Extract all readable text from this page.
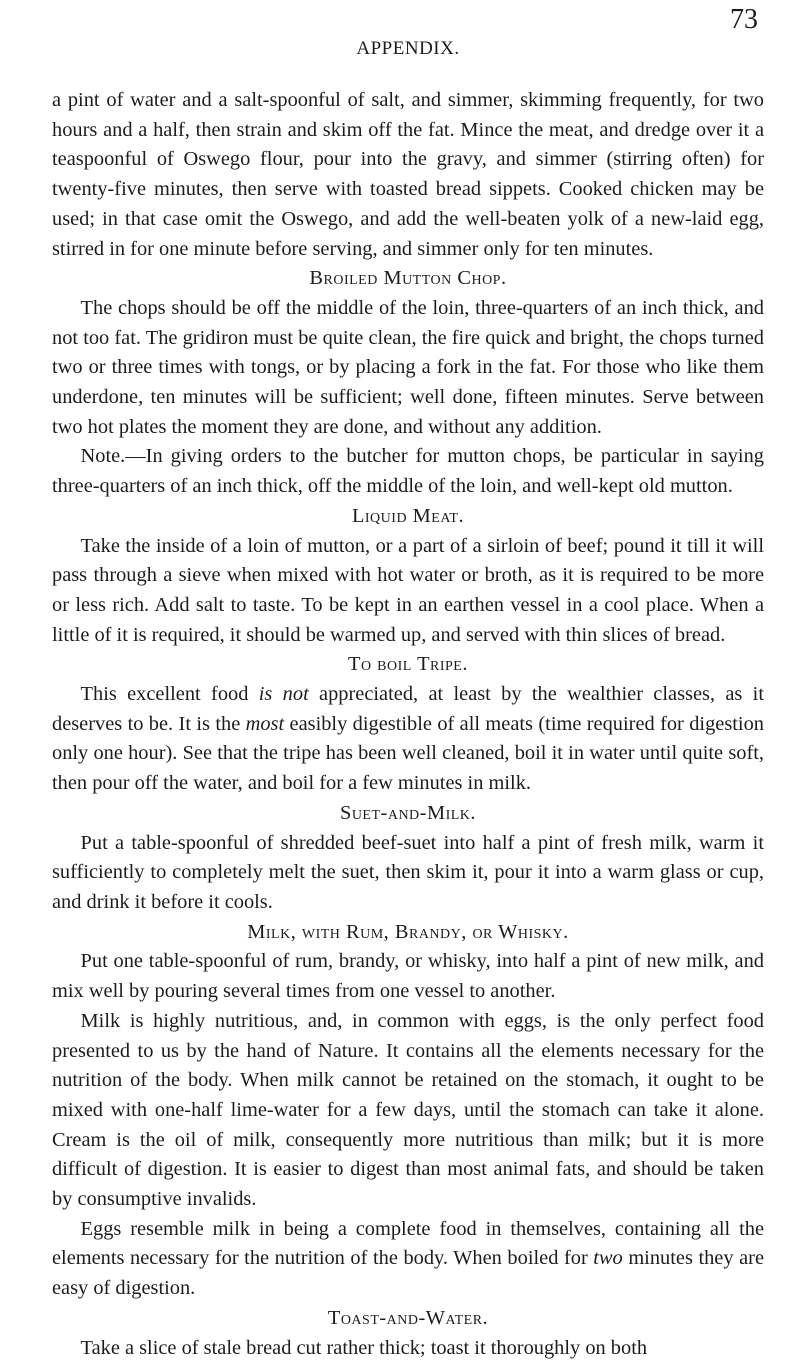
APPENDIX.
73

a pint of water and a salt-spoonful of salt, and simmer, skimming frequently, for two hours and a half, then strain and skim off the fat. Mince the meat, and dredge over it a teaspoonful of Oswego flour, pour into the gravy, and simmer (stirring often) for twenty-five minutes, then serve with toasted bread sippets. Cooked chicken may be used; in that case omit the Oswego, and add the well-beaten yolk of a new-laid egg, stirred in for one minute before serving, and simmer only for ten minutes.

Broiled Mutton Chop.

The chops should be off the middle of the loin, three-quarters of an inch thick, and not too fat. The gridiron must be quite clean, the fire quick and bright, the chops turned two or three times with tongs, or by placing a fork in the fat. For those who like them underdone, ten minutes will be sufficient; well done, fifteen minutes. Serve between two hot plates the moment they are done, and without any addition.

Note.—In giving orders to the butcher for mutton chops, be particular in saying three-quarters of an inch thick, off the middle of the loin, and well-kept old mutton.

Liquid Meat.

Take the inside of a loin of mutton, or a part of a sirloin of beef; pound it till it will pass through a sieve when mixed with hot water or broth, as it is required to be more or less rich. Add salt to taste. To be kept in an earthen vessel in a cool place. When a little of it is required, it should be warmed up, and served with thin slices of bread.

To boil Tripe.

This excellent food is not appreciated, at least by the wealthier classes, as it deserves to be. It is the most easibly digestible of all meats (time required for digestion only one hour). See that the tripe has been well cleaned, boil it in water until quite soft, then pour off the water, and boil for a few minutes in milk.

Suet-and-Milk.

Put a table-spoonful of shredded beef-suet into half a pint of fresh milk, warm it sufficiently to completely melt the suet, then skim it, pour it into a warm glass or cup, and drink it before it cools.

Milk, with Rum, Brandy, or Whisky.

Put one table-spoonful of rum, brandy, or whisky, into half a pint of new milk, and mix well by pouring several times from one vessel to another.

Milk is highly nutritious, and, in common with eggs, is the only perfect food presented to us by the hand of Nature. It contains all the elements necessary for the nutrition of the body. When milk cannot be retained on the stomach, it ought to be mixed with one-half lime-water for a few days, until the stomach can take it alone. Cream is the oil of milk, consequently more nutritious than milk; but it is more difficult of digestion. It is easier to digest than most animal fats, and should be taken by consumptive invalids.

Eggs resemble milk in being a complete food in themselves, containing all the elements necessary for the nutrition of the body. When boiled for two minutes they are easy of digestion.

Toast-and-Water.

Take a slice of stale bread cut rather thick; toast it thoroughly on both
